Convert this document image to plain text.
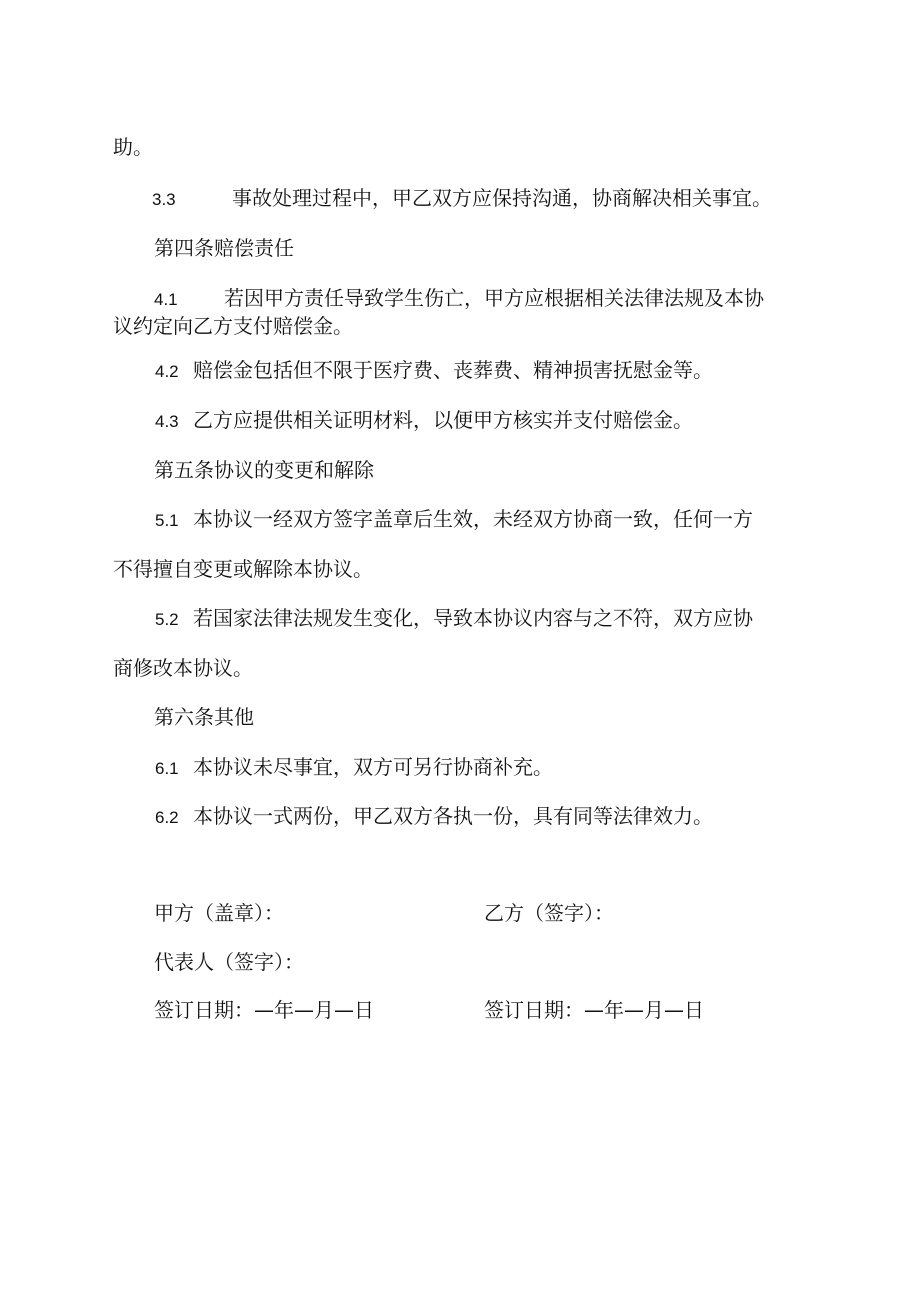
助。
3.3	事故处理过程中，甲乙双方应保持沟通，协商解决相关事宜。
第四条赔偿责任
4.1 若因甲方责任导致学生伤亡，甲方应根据相关法律法规及本协
议约定向乙方支付赔偿金。
4.2 赔偿金包括但不限于医疗费、丧葬费、精神损害抚慰金等。
4.3 乙方应提供相关证明材料，以便甲方核实并支付赔偿金。
第五条协议的变更和解除
5.1 本协议一经双方签字盖章后生效，未经双方协商一致，任何一方
不得擅自变更或解除本协议。
5.2 若国家法律法规发生变化，导致本协议内容与之不符，双方应协
商修改本协议。
第六条其他
6.1 本协议未尽事宜，双方可另行协商补充。
6.2 本协议一式两份，甲乙双方各执一份，具有同等法律效力。
甲方（盖章）：	乙方（签字）：
代表人（签字）：
签订日期：—年—月—日	签订日期：—年—月—日
